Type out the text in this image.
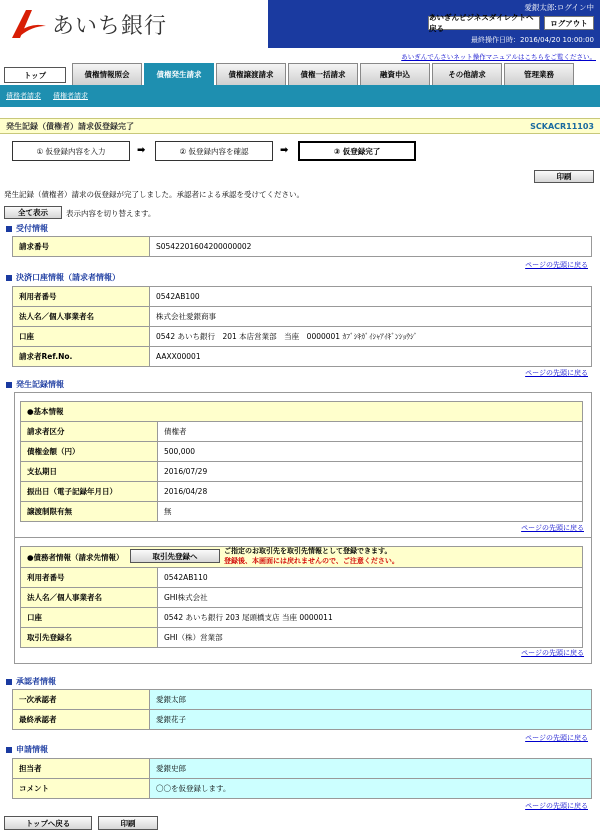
あいち銀行
愛銀太郎:ログイン中
あいぎんビジネスダイレクトへ戻る
ログアウト
最終操作日時：2016/04/20 10:00:00
あいぎんでんさいネット操作マニュアルはこちらをご覧ください。
トップ	債権情報照会	債権発生請求	債権譲渡請求	債権一括請求	融資申込	その他請求	管理業務
債務者請求 債権者請求
発生記録（債権者）請求仮登録完了	SCKACR11103
① 仮登録内容を入力	➡	② 仮登録内容を確認	➡	③ 仮登録完了
印刷
発生記録（債権者）請求の仮登録が完了しました。承認者による承認を受けてください。
全て表示	表示内容を切り替えます。
受付情報
請求番号	S0542201604200000002
ページの先頭に戻る
決済口座情報（請求者情報）
利用者番号	0542AB100
法人名／個人事業者名	株式会社愛銀商事
口座	0542 あいち銀行　201 本店営業部　当座　0000001 ｶﾌﾞｼｷｶﾞｲｼｬｱｲｷﾞﾝｼｮｳｼﾞ
請求者Ref.No.	AAXX00001
ページの先頭に戻る
発生記録情報
●基本情報	
請求者区分	債権者
債権金額（円）	500,000
支払期日	2016/07/29
振出日（電子記録年月日）	2016/04/28
譲渡制限有無	無
ページの先頭に戻る
●債務者情報（請求先情報）	
利用者番号	0542AB110
法人名／個人事業者名	GHI株式会社
口座	0542 あいち銀行 203 尾頭橋支店 当座 0000011
取引先登録名	GHI（株）営業部
取引先登録へ
ご指定のお取引先を取引先情報として登録できます。
登録後、本画面には戻れませんので、ご注意ください。
ページの先頭に戻る
承認者情報
一次承認者	愛銀太郎
最終承認者	愛銀花子
ページの先頭に戻る
申請情報
担当者	愛銀史郎
コメント	〇〇を仮登録します。
ページの先頭に戻る
トップへ戻る	印刷
